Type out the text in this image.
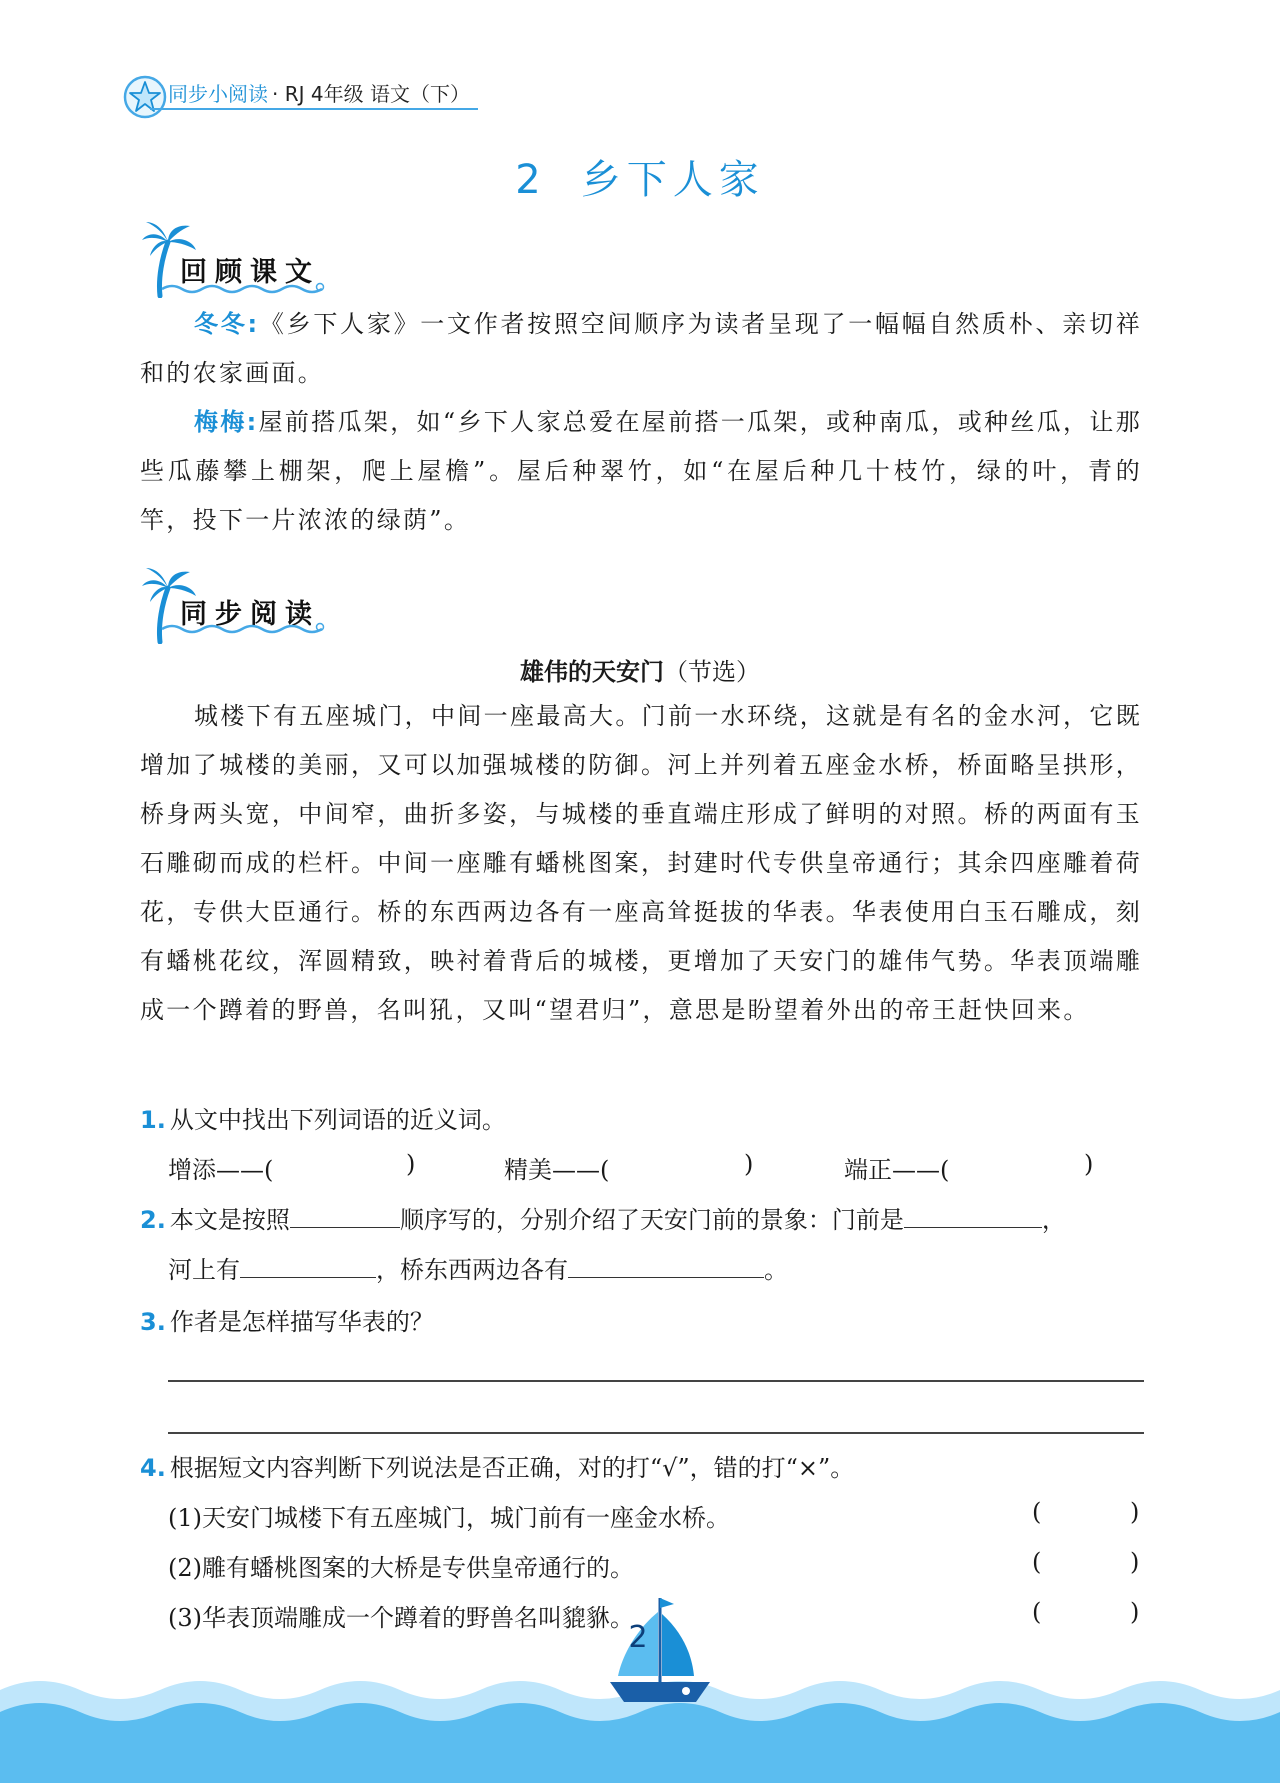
同步小阅读 · RJ 4年级 语文（下）
2 乡下人家
回顾课文
冬冬:《乡下人家》一文作者按照空间顺序为读者呈现了一幅幅自然质朴、亲切祥和的农家画面。
梅梅:屋前搭瓜架，如“乡下人家总爱在屋前搭一瓜架，或种南瓜，或种丝瓜，让那些瓜藤攀上棚架，爬上屋檐”。屋后种翠竹，如“在屋后种几十枝竹，绿的叶，青的竿，投下一片浓浓的绿荫”。
同步阅读
雄伟的天安门（节选）
城楼下有五座城门，中间一座最高大。门前一水环绕，这就是有名的金水河，它既增加了城楼的美丽，又可以加强城楼的防御。河上并列着五座金水桥，桥面略呈拱形，桥身两头宽，中间窄，曲折多姿，与城楼的垂直端庄形成了鲜明的对照。桥的两面有玉石雕砌而成的栏杆。中间一座雕有蟠桃图案，封建时代专供皇帝通行；其余四座雕着荷花，专供大臣通行。桥的东西两边各有一座高耸挺拔的华表。华表使用白玉石雕成，刻有蟠桃花纹，浑圆精致，映衬着背后的城楼，更增加了天安门的雄伟气势。华表顶端雕成一个蹲着的野兽，名叫犼，又叫“望君归”，意思是盼望着外出的帝王赶快回来。
1. 从文中找出下列词语的近义词。
增添——(	)	精美——(	)	端正——(	)
2. 本文是按照	顺序写的，分别介绍了天安门前的景象：门前是	，
河上有	，桥东西两边各有	。
3. 作者是怎样描写华表的？
4. 根据短文内容判断下列说法是否正确，对的打“√”，错的打“×”。
(1)天安门城楼下有五座城门，城门前有一座金水桥。	(	)
(2)雕有蟠桃图案的大桥是专供皇帝通行的。	(	)
(3)华表顶端雕成一个蹲着的野兽名叫貔貅。	(	)
2
